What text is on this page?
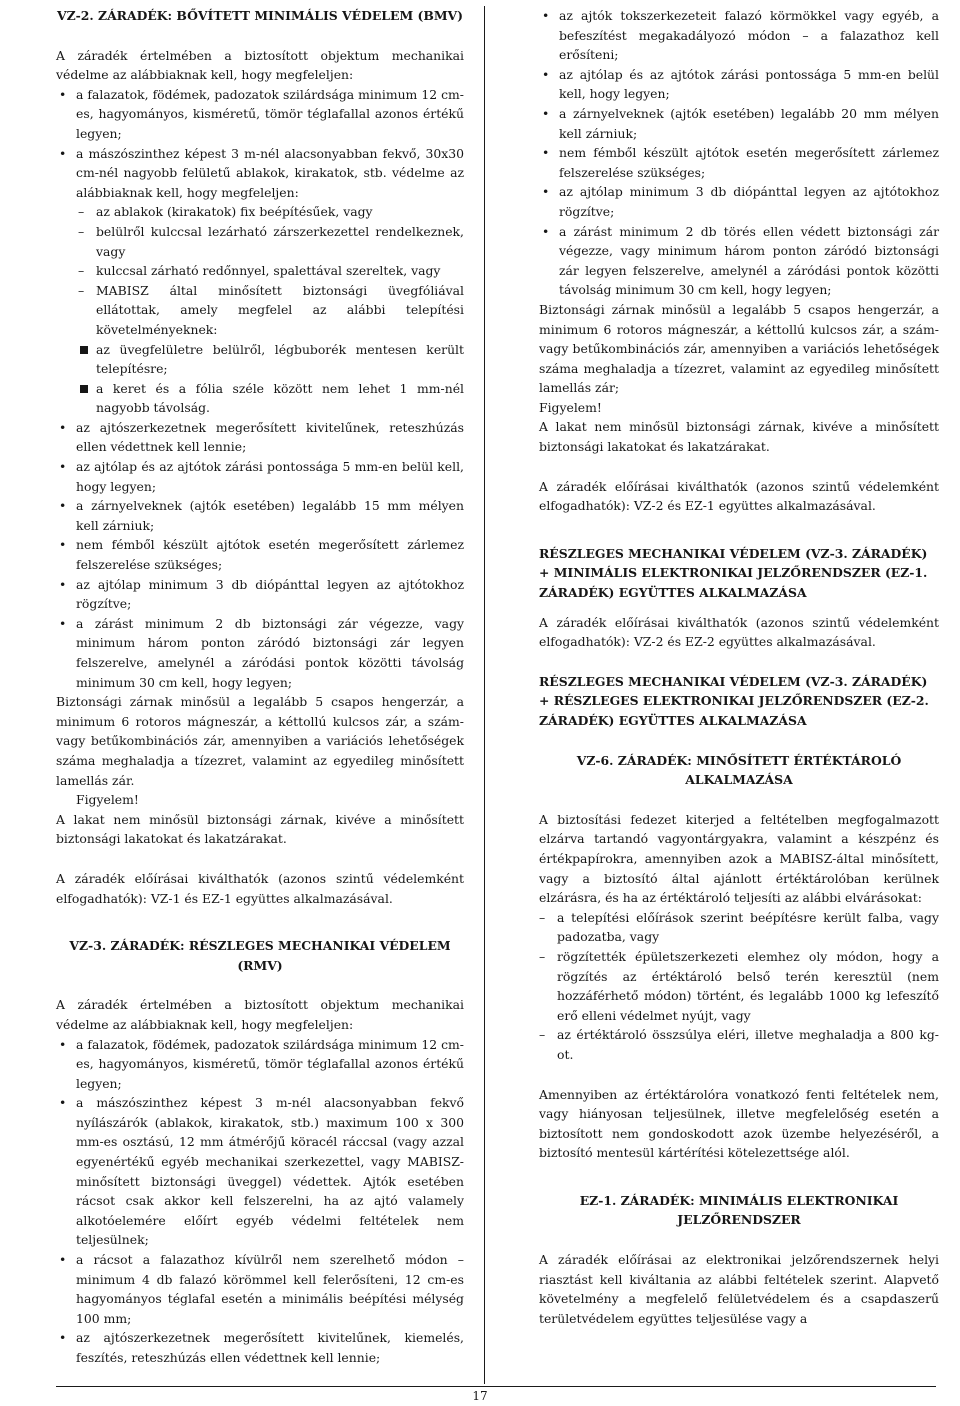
VZ-2. ZÁRADÉK: BŐVÍTETT MINIMÁLIS VÉDELEM (BMV)

A záradék értelmében a biztosított objektum mechanikai védelme az alábbiaknak kell, hogy megfeleljen:

• a falazatok, födémek, padozatok szilárdsága minimum 12 cm-es, hagyományos, kisméretű, tömör téglafallal azonos értékű legyen;
• a mászószinthez képest 3 m-nél alacsonyabban fekvő, 30x30 cm-nél nagyobb felületű ablakok, kirakatok, stb. védelme az alábbiaknak kell, hogy megfeleljen:
– az ablakok (kirakatok) fix beépítésűek, vagy
– belülről kulccsal lezárható zárszerkezettel rendelkeznek, vagy
– kulccsal zárható redőnnyel, spalettával szereltek, vagy
– MABISZ által minősített biztonsági üvegfóliával ellátottak, amely megfelel az alábbi telepítési követelményeknek:
az üvegfelületre belülről, légbuborék mentesen került telepítésre;
a keret és a fólia széle között nem lehet 1 mm-nél nagyobb távolság.
• az ajtószerkezetnek megerősített kivitelűnek, reteszhúzás ellen védettnek kell lennie;
• az ajtólap és az ajtótok zárási pontossága 5 mm-en belül kell, hogy legyen;
• a zárnyelveknek (ajtók esetében) legalább 15 mm mélyen kell zárniuk;
• nem fémből készült ajtótok esetén megerősített zárlemez felszerelése szükséges;
• az ajtólap minimum 3 db diópánttal legyen az ajtótokhoz rögzítve;
• a zárást minimum 2 db biztonsági zár végezze, vagy minimum három ponton záródó biztonsági zár legyen felszerelve, amelynél a záródási pontok közötti távolság minimum 30 cm kell, hogy legyen;

Biztonsági zárnak minősül a legalább 5 csapos hengerzár, a minimum 6 rotoros mágneszár, a kéttollú kulcsos zár, a szám- vagy betűkombinációs zár, amennyiben a variációs lehetőségek száma meghaladja a tízezret, valamint az egyedileg minősített lamellás zár.

Figyelem!

A lakat nem minősül biztonsági zárnak, kivéve a minősített biztonsági lakatokat és lakatzárakat.

A záradék előírásai kiválthatók (azonos szintű védelemként elfogadhatók): VZ-1 és EZ-1 együttes alkalmazásával.

VZ-3. ZÁRADÉK: RÉSZLEGES MECHANIKAI VÉDELEM (RMV)

A záradék értelmében a biztosított objektum mechanikai védelme az alábbiaknak kell, hogy megfeleljen:

• a falazatok, födémek, padozatok szilárdsága minimum 12 cm-es, hagyományos, kisméretű, tömör téglafallal azonos értékű legyen;
• a mászószinthez képest 3 m-nél alacsonyabban fekvő nyílászárók (ablakok, kirakatok, stb.) maximum 100 x 300 mm-es osztású, 12 mm átmérőjű köracél ráccsal (vagy azzal egyenértékű egyéb mechanikai szerkezettel, vagy MABISZ-minősített biztonsági üveggel) védettek. Ajtók esetében rácsot csak akkor kell felszerelni, ha az ajtó valamely alkotóelemére előírt egyéb védelmi feltételek nem teljesülnek;
• a rácsot a falazathoz kívülről nem szerelhető módon – minimum 4 db falazó körömmel kell felerősíteni, 12 cm-es hagyományos téglafal esetén a minimális beépítési mélység 100 mm;
• az ajtószerkezetnek megerősített kivitelűnek, kiemelés, feszítés, reteszhúzás ellen védettnek kell lennie;
• az ajtók tokszerkezeteit falazó körmökkel vagy egyéb, a befeszítést megakadályozó módon – a falazathoz kell erősíteni;
• az ajtólap és az ajtótok zárási pontossága 5 mm-en belül kell, hogy legyen;
• a zárnyelveknek (ajtók esetében) legalább 20 mm mélyen kell zárniuk;
• nem fémből készült ajtótok esetén megerősített zárlemez felszerelése szükséges;
• az ajtólap minimum 3 db diópánttal legyen az ajtótokhoz rögzítve;
• a zárást minimum 2 db törés ellen védett biztonsági zár végezze, vagy minimum három ponton záródó biztonsági zár legyen felszerelve, amelynél a záródási pontok közötti távolság minimum 30 cm kell, hogy legyen;

Biztonsági zárnak minősül a legalább 5 csapos hengerzár, a minimum 6 rotoros mágneszár, a kéttollú kulcsos zár, a szám- vagy betűkombinációs zár, amennyiben a variációs lehetőségek száma meghaladja a tízezret, valamint az egyedileg minősített lamellás zár;

Figyelem!

A lakat nem minősül biztonsági zárnak, kivéve a minősített biztonsági lakatokat és lakatzárakat.

A záradék előírásai kiválthatók (azonos szintű védelemként elfogadhatók): VZ-2 és EZ-1 együttes alkalmazásával.

RÉSZLEGES MECHANIKAI VÉDELEM (VZ-3. ZÁRADÉK) + MINIMÁLIS ELEKTRONIKAI JELZŐRENDSZER (EZ-1. ZÁRADÉK) EGYÜTTES ALKALMAZÁSA

A záradék előírásai kiválthatók (azonos szintű védelemként elfogadhatók): VZ-2 és EZ-2 együttes alkalmazásával.

RÉSZLEGES MECHANIKAI VÉDELEM (VZ-3. ZÁRADÉK) + RÉSZLEGES ELEKTRONIKAI JELZŐRENDSZER (EZ-2. ZÁRADÉK) EGYÜTTES ALKALMAZÁSA

VZ-6. ZÁRADÉK: MINŐSÍTETT ÉRTÉKTÁROLÓ ALKALMAZÁSA

A biztosítási fedezet kiterjed a feltételben megfogalmazott elzárva tartandó vagyontárgyakra, valamint a készpénz és értékpapírokra, amennyiben azok a MABISZ-által minősített, vagy a biztosító által ajánlott értéktárolóban kerülnek elzárásra, és ha az értéktároló teljesíti az alábbi elvárásokat:

– a telepítési előírások szerint beépítésre került falba, vagy padozatba, vagy
– rögzítették épületszerkezeti elemhez oly módon, hogy a rögzítés az értéktároló belső terén keresztül (nem hozzáférhető módon) történt, és legalább 1000 kg lefeszítő erő elleni védelmet nyújt, vagy
– az értéktároló összsúlya eléri, illetve meghaladja a 800 kg-ot.

Amennyiben az értéktárolóra vonatkozó fenti feltételek nem, vagy hiányosan teljesülnek, illetve megfelelőség esetén a biztosított nem gondoskodott azok üzembe helyezéséről, a biztosító mentesül kártérítési kötelezettsége alól.

EZ-1. ZÁRADÉK: MINIMÁLIS ELEKTRONIKAI JELZŐRENDSZER

A záradék előírásai az elektronikai jelzőrendszernek helyi riasztást kell kiváltania az alábbi feltételek szerint. Alapvető követelmény a megfelelő felületvédelem és a csapdaszerű területvédelem együttes teljesülése vagy a

17
